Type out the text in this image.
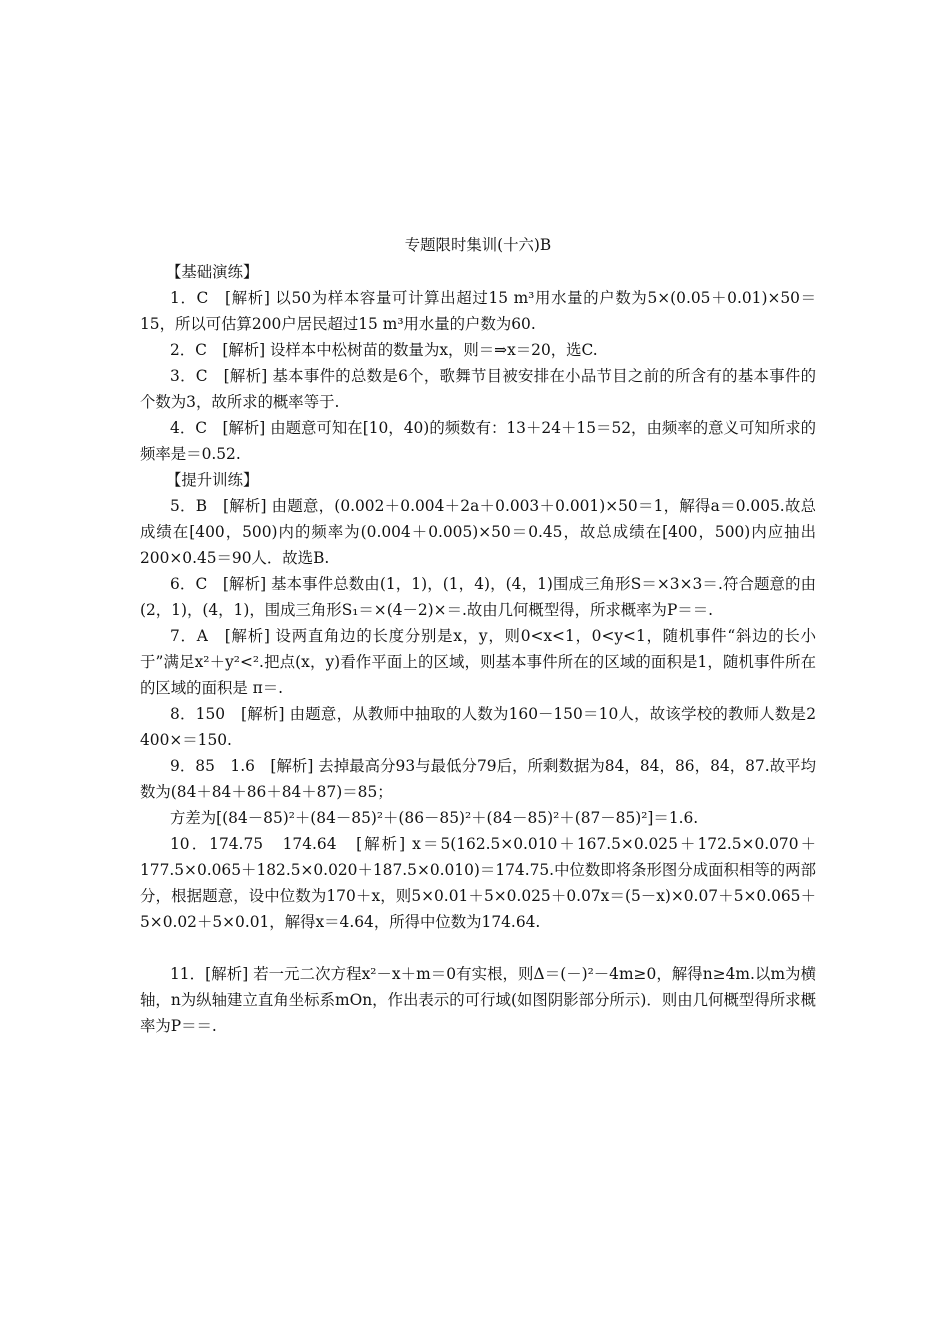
专题限时集训(十六)B
【基础演练】

1．C　[解析] 以50为样本容量可计算出超过15 m³用水量的户数为5×(0.05＋0.01)×50＝15，所以可估算200户居民超过15 m³用水量的户数为60.

2．C　[解析] 设样本中松树苗的数量为x，则＝⇒x＝20，选C.

3．C　[解析] 基本事件的总数是6个，歌舞节目被安排在小品节目之前的所含有的基本事件的个数为3，故所求的概率等于.

4．C　[解析] 由题意可知在[10，40)的频数有：13＋24＋15＝52，由频率的意义可知所求的频率是＝0.52.

【提升训练】

5．B　[解析] 由题意，(0.002＋0.004＋2a＋0.003＋0.001)×50＝1，解得a＝0.005.故总成绩在[400，500)内的频率为(0.004＋0.005)×50＝0.45，故总成绩在[400，500)内应抽出200×0.45＝90人．故选B.

6．C　[解析] 基本事件总数由(1，1)，(1，4)，(4，1)围成三角形S＝×3×3＝.符合题意的由(2，1)，(4，1)，围成三角形S₁＝×(4－2)×＝.故由几何概型得，所求概率为P＝＝.

7．A　[解析] 设两直角边的长度分别是x，y，则0<x<1，0<y<1，随机事件“斜边的长小于”满足x²＋y²<².把点(x，y)看作平面上的区域，则基本事件所在的区域的面积是1，随机事件所在的区域的面积是 π＝.

8．150　[解析] 由题意，从教师中抽取的人数为160－150＝10人，故该学校的教师人数是2 400×＝150.

9．85　1.6　[解析] 去掉最高分93与最低分79后，所剩数据为84，84，86，84，87.故平均数为(84＋84＋86＋84＋87)＝85；

方差为[(84－85)²＋(84－85)²＋(86－85)²＋(84－85)²＋(87－85)²]＝1.6.

10．174.75　174.64　[解析] x＝5(162.5×0.010＋167.5×0.025＋172.5×0.070＋177.5×0.065＋182.5×0.020＋187.5×0.010)＝174.75.中位数即将条形图分成面积相等的两部分，根据题意，设中位数为170＋x，则5×0.01＋5×0.025＋0.07x＝(5－x)×0.07＋5×0.065＋5×0.02＋5×0.01，解得x＝4.64，所得中位数为174.64.

11．[解析] 若一元二次方程x²－x＋m＝0有实根，则Δ＝(－)²－4m≥0，解得n≥4m.以m为横轴，n为纵轴建立直角坐标系mOn，作出表示的可行域(如图阴影部分所示)．则由几何概型得所求概率为P＝＝.
